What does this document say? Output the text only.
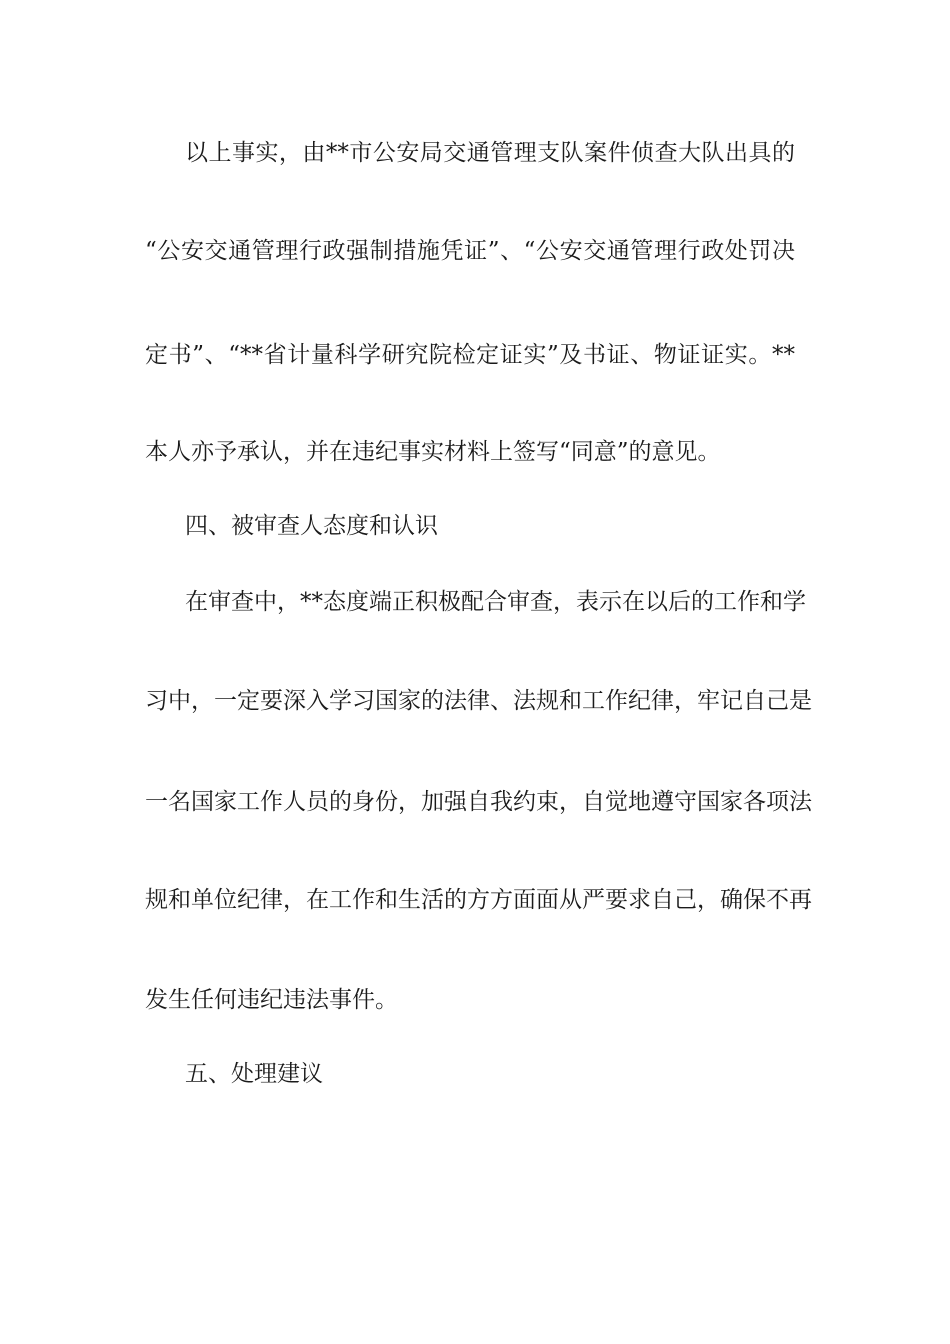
以上事实，由**市公安局交通管理支队案件侦查大队出具的
“公安交通管理行政强制措施凭证”、“公安交通管理行政处罚决
定书”、“**省计量科学研究院检定证实”及书证、物证证实。**
本人亦予承认，并在违纪事实材料上签写“同意”的意见。
四、被审查人态度和认识
在审查中，**态度端正积极配合审查，表示在以后的工作和学
习中，一定要深入学习国家的法律、法规和工作纪律，牢记自己是
一名国家工作人员的身份，加强自我约束，自觉地遵守国家各项法
规和单位纪律，在工作和生活的方方面面从严要求自己，确保不再
发生任何违纪违法事件。
五、处理建议
